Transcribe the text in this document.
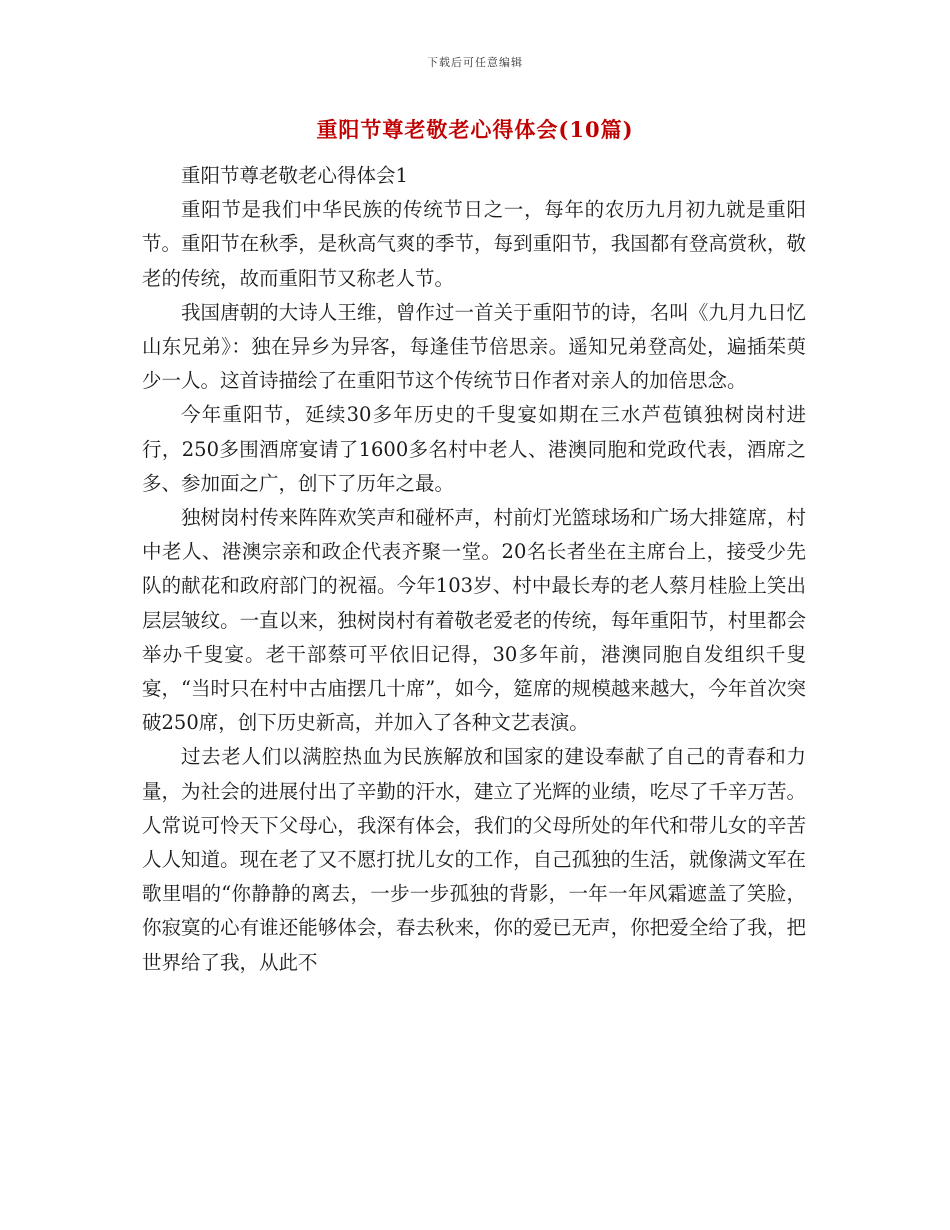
下载后可任意编辑
重阳节尊老敬老心得体会(10篇)

重阳节尊老敬老心得体会1

重阳节是我们中华民族的传统节日之一，每年的农历九月初九就是重阳节。重阳节在秋季，是秋高气爽的季节，每到重阳节，我国都有登高赏秋，敬老的传统，故而重阳节又称老人节。

我国唐朝的大诗人王维，曾作过一首关于重阳节的诗，名叫《九月九日忆山东兄弟》：独在异乡为异客，每逢佳节倍思亲。遥知兄弟登高处，遍插茱萸少一人。这首诗描绘了在重阳节这个传统节日作者对亲人的加倍思念。

今年重阳节，延续30多年历史的千叟宴如期在三水芦苞镇独树岗村进行，250多围酒席宴请了1600多名村中老人、港澳同胞和党政代表，酒席之多、参加面之广，创下了历年之最。

独树岗村传来阵阵欢笑声和碰杯声，村前灯光篮球场和广场大排筵席，村中老人、港澳宗亲和政企代表齐聚一堂。20名长者坐在主席台上，接受少先队的献花和政府部门的祝福。今年103岁、村中最长寿的老人蔡月桂脸上笑出层层皱纹。一直以来，独树岗村有着敬老爱老的传统，每年重阳节，村里都会举办千叟宴。老干部蔡可平依旧记得，30多年前，港澳同胞自发组织千叟宴，“当时只在村中古庙摆几十席”，如今，筵席的规模越来越大，今年首次突破250席，创下历史新高，并加入了各种文艺表演。

过去老人们以满腔热血为民族解放和国家的建设奉献了自己的青春和力量，为社会的进展付出了辛勤的汗水，建立了光辉的业绩，吃尽了千辛万苦。人常说可怜天下父母心，我深有体会，我们的父母所处的年代和带儿女的辛苦人人知道。现在老了又不愿打扰儿女的工作，自己孤独的生活，就像满文军在歌里唱的“你静静的离去，一步一步孤独的背影，一年一年风霜遮盖了笑脸，你寂寞的心有谁还能够体会，春去秋来，你的爱已无声，你把爱全给了我，把世界给了我，从此不
